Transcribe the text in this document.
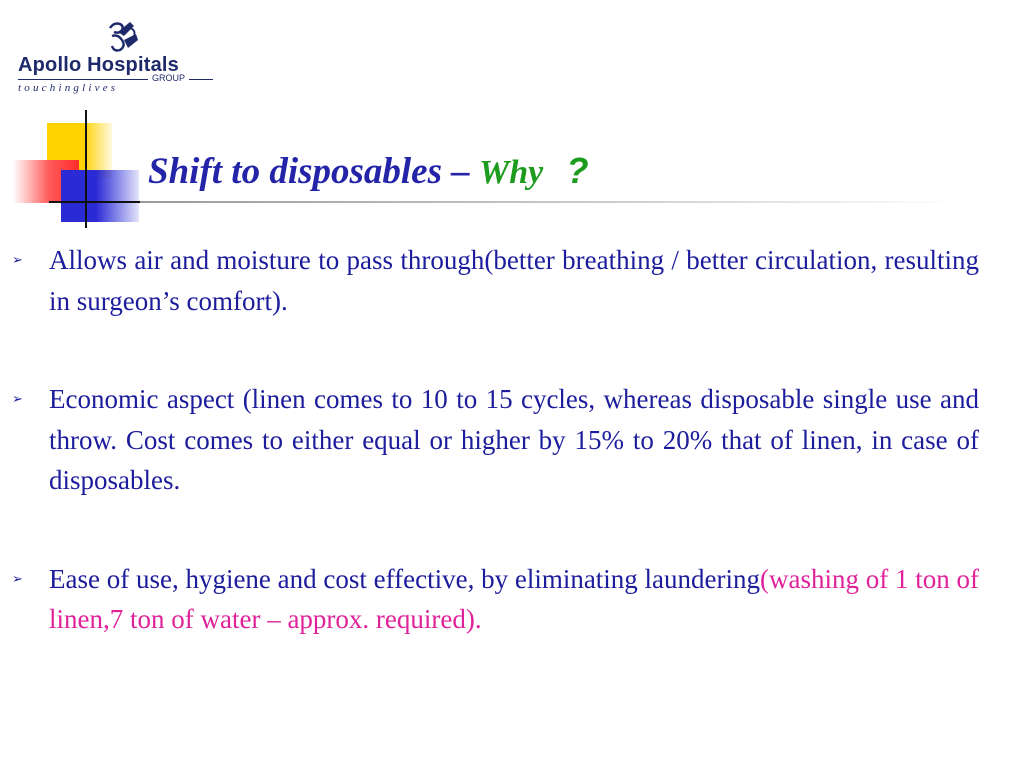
Apollo Hospitals
GROUP
touchinglives
Shift to disposables – Why ?
➢ Allows air and moisture to pass through(better breathing / better circulation, resulting in surgeon’s comfort).
➢ Economic aspect (linen comes to 10 to 15 cycles, whereas disposable single use and throw. Cost comes to either equal or higher by 15% to 20% that of linen, in case of disposables.
➢ Ease of use, hygiene and cost effective, by eliminating laundering(washing of 1 ton of linen,7 ton of water – approx. required).
